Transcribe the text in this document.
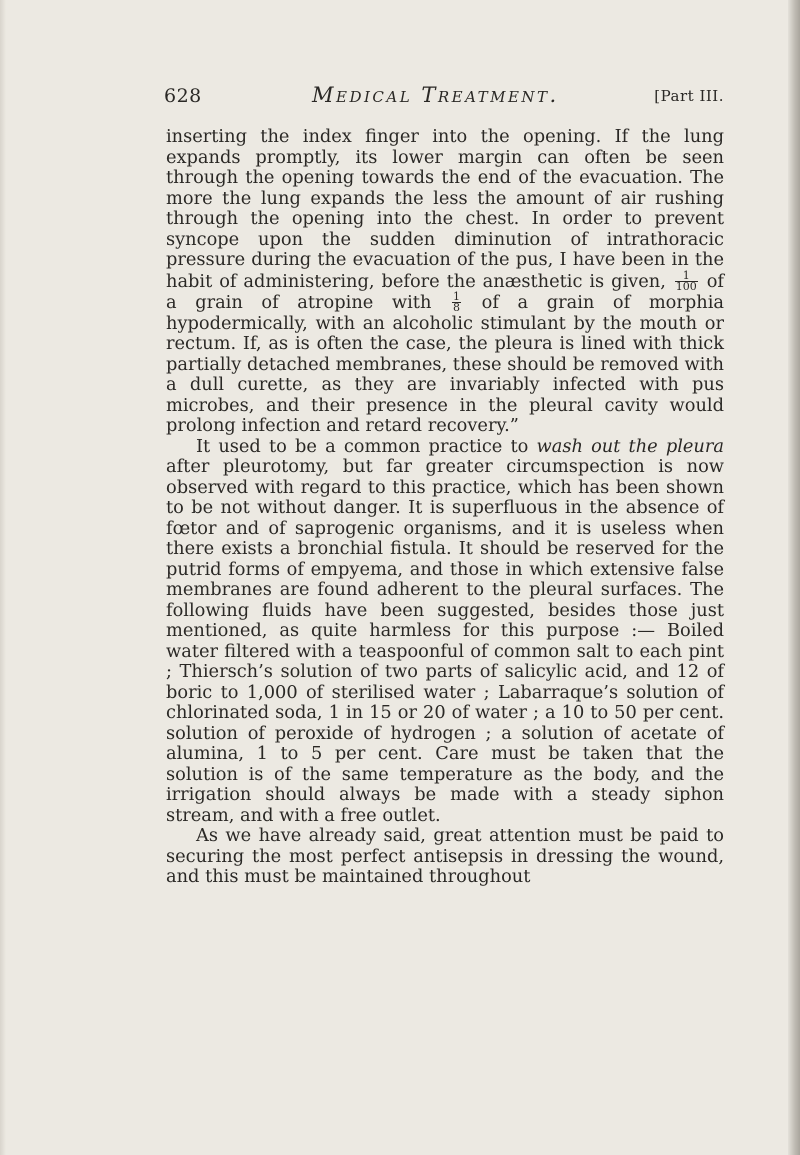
628	Medical Treatment.	[Part III.

inserting the index finger into the opening. If the lung expands promptly, its lower margin can often be seen through the opening towards the end of the evacuation. The more the lung expands the less the amount of air rushing through the opening into the chest. In order to prevent syncope upon the sudden diminution of intrathoracic pressure during the evacuation of the pus, I have been in the habit of administering, before the anæsthetic is given, $\frac{1}{100}$ of a grain of atropine with $\frac{1}{8}$ of a grain of morphia hypodermically, with an alcoholic stimulant by the mouth or rectum. If, as is often the case, the pleura is lined with thick partially detached membranes, these should be removed with a dull curette, as they are invariably infected with pus microbes, and their presence in the pleural cavity would prolong infection and retard recovery.”

It used to be a common practice to wash out the pleura after pleurotomy, but far greater circumspection is now observed with regard to this practice, which has been shown to be not without danger. It is superfluous in the absence of fœtor and of saprogenic organisms, and it is useless when there exists a bronchial fistula. It should be reserved for the putrid forms of empyema, and those in which extensive false membranes are found adherent to the pleural surfaces. The following fluids have been suggested, besides those just mentioned, as quite harmless for this purpose :— Boiled water filtered with a teaspoonful of common salt to each pint ; Thiersch’s solution of two parts of salicylic acid, and 12 of boric to 1,000 of sterilised water ; Labarraque’s solution of chlorinated soda, 1 in 15 or 20 of water ; a 10 to 50 per cent. solution of peroxide of hydrogen ; a solution of acetate of alumina, 1 to 5 per cent. Care must be taken that the solution is of the same temperature as the body, and the irrigation should always be made with a steady siphon stream, and with a free outlet.

As we have already said, great attention must be paid to securing the most perfect antisepsis in dressing the wound, and this must be maintained throughout
